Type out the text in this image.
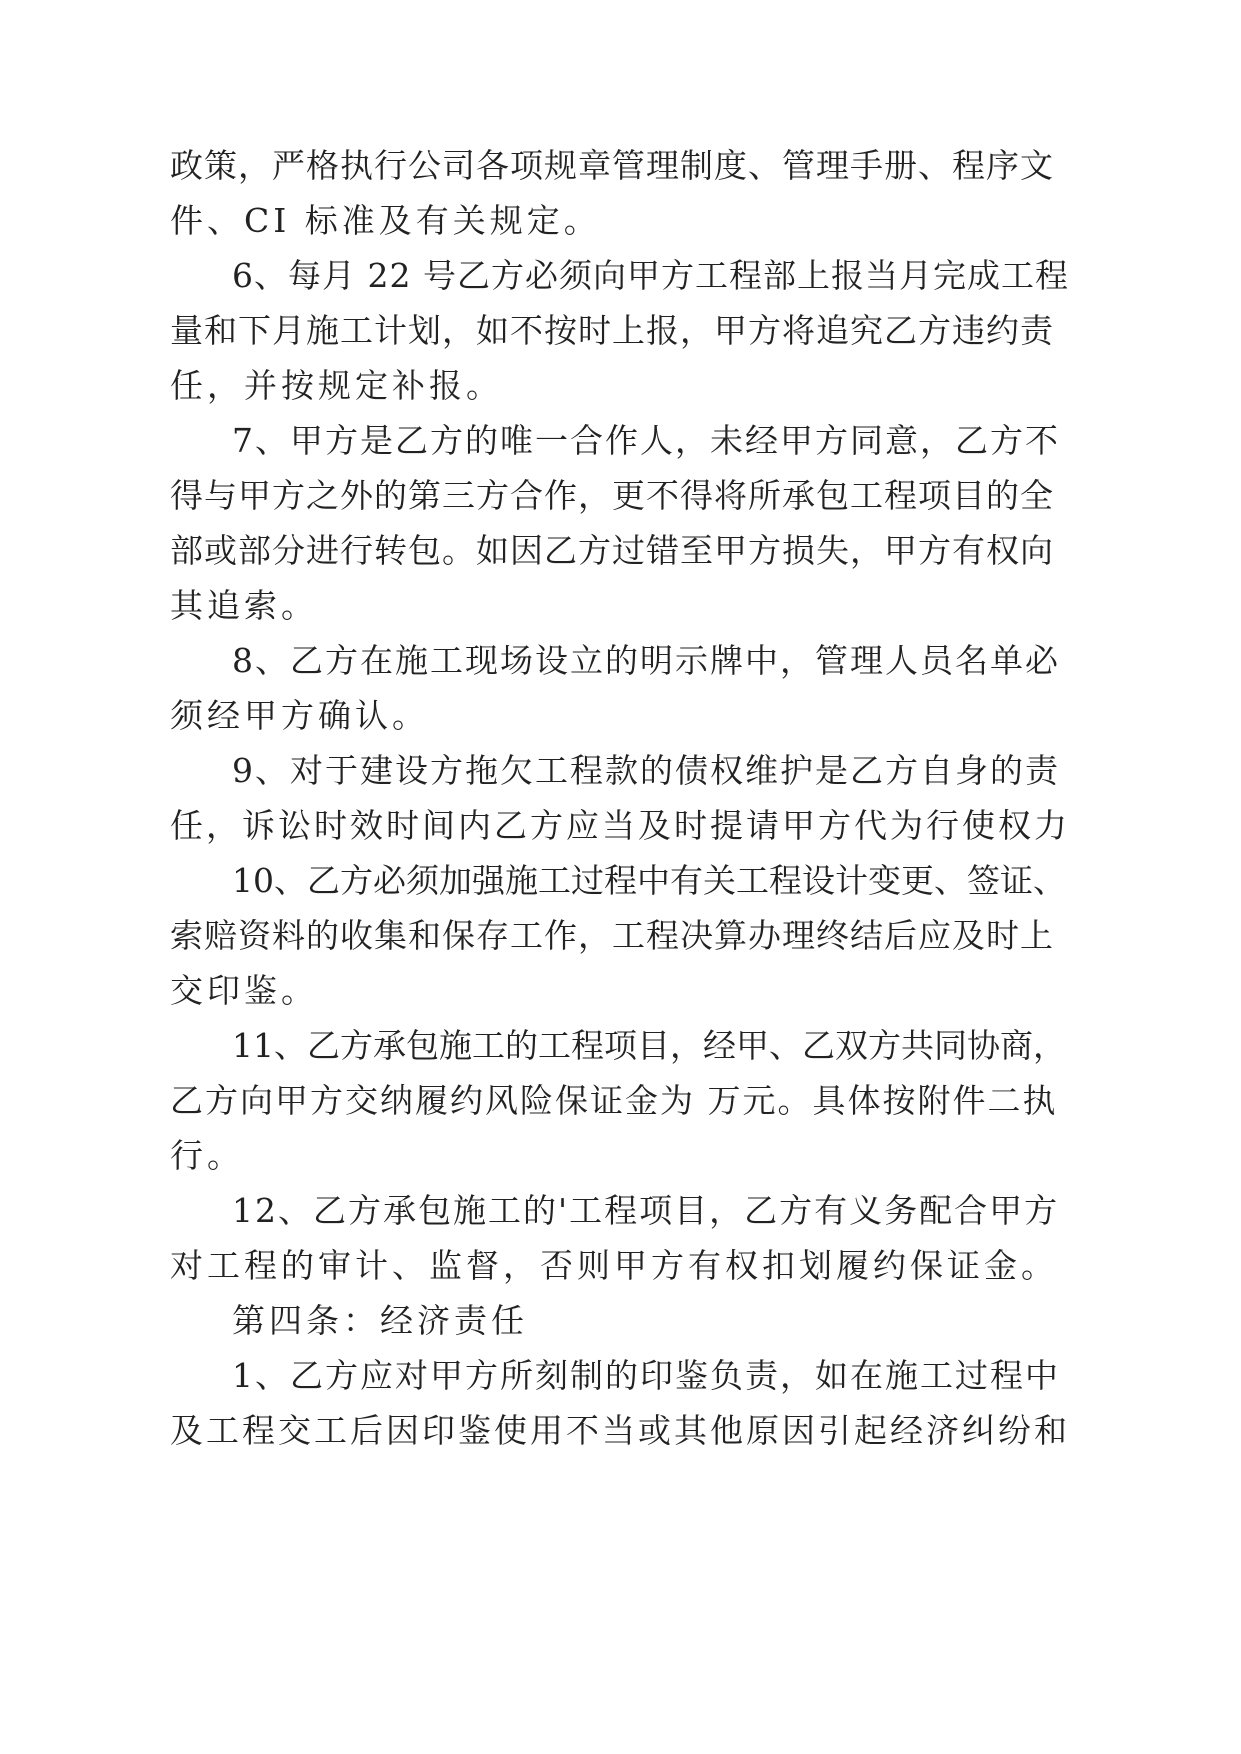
政策，严格执行公司各项规章管理制度、管理手册、程序文
件、CI 标准及有关规定。
6、每月 22 号乙方必须向甲方工程部上报当月完成工程
量和下月施工计划，如不按时上报，甲方将追究乙方违约责
任，并按规定补报。
7、甲方是乙方的唯一合作人，未经甲方同意，乙方不
得与甲方之外的第三方合作，更不得将所承包工程项目的全
部或部分进行转包。如因乙方过错至甲方损失，甲方有权向
其追索。
8、乙方在施工现场设立的明示牌中，管理人员名单必
须经甲方确认。
9、对于建设方拖欠工程款的债权维护是乙方自身的责
任，诉讼时效时间内乙方应当及时提请甲方代为行使权力
10、乙方必须加强施工过程中有关工程设计变更、签证、
索赔资料的收集和保存工作，工程决算办理终结后应及时上
交印鉴。
11、乙方承包施工的工程项目，经甲、乙双方共同协商，
乙方向甲方交纳履约风险保证金为 万元。具体按附件二执
行。
12、乙方承包施工的'工程项目，乙方有义务配合甲方
对工程的审计、监督，否则甲方有权扣划履约保证金。
第四条：经济责任
1、乙方应对甲方所刻制的印鉴负责，如在施工过程中
及工程交工后因印鉴使用不当或其他原因引起经济纠纷和
